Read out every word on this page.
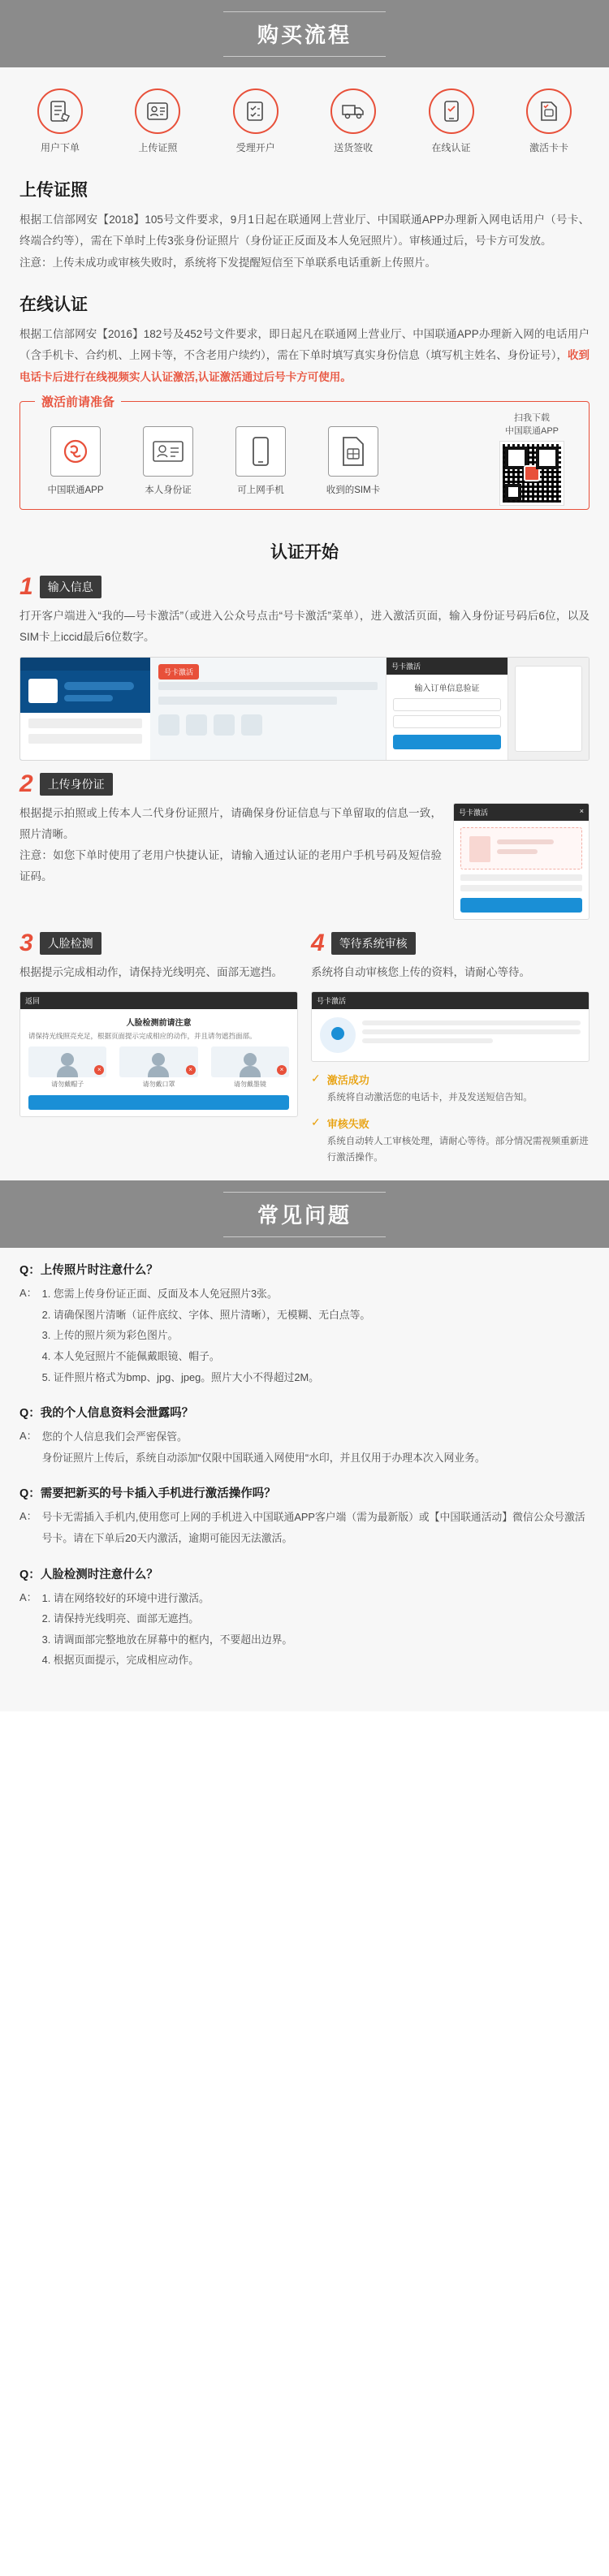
购买流程
用户下单	上传证照	受理开户	送货签收	在线认证	激活卡卡
上传证照

根据工信部网安【2018】105号文件要求，9月1日起在联通网上营业厅、中国联通APP办理新入网电话用户（号卡、终端合约等），需在下单时上传3张身份证照片（身份证正反面及本人免冠照片）。审核通过后，号卡方可发放。

注意：上传未成功或审核失败时，系统将下发提醒短信至下单联系电话重新上传照片。

在线认证

根据工信部网安【2016】182号及452号文件要求，即日起凡在联通网上营业厅、中国联通APP办理新入网的电话用户（含手机卡、合约机、上网卡等，不含老用户续约），需在下单时填写真实身份信息（填写机主姓名、身份证号），收到电话卡后进行在线视频实人认证激活,认证激活通过后号卡方可使用。

激活前请准备
扫我下载
中国联通APP
中国联通APP	本人身份证	可上网手机	收到的SIM卡
认证开始
1	输入信息

打开客户端进入“我的—号卡激活”（或进入公众号点击“号卡激活”菜单），进入激活页面，输入身份证号码后6位，以及SIM卡上iccid最后6位数字。

号卡激活
号卡激活
输入订单信息验证
2	上传身份证

根据提示拍照或上传本人二代身份证照片，请确保身份证信息与下单留取的信息一致，照片清晰。

注意：如您下单时使用了老用户快捷认证，请输入通过认证的老用户手机号码及短信验证码。

号卡激活	×
3	人脸检测

根据提示完成相动作，请保持光线明亮、面部无遮挡。

返回
人脸检测前请注意
请保持光线照亮充足，根据页面提示完成相应的动作，并且请勿遮挡面部。
×
请勿戴帽子
×
请勿戴口罩
×
请勿戴墨镜
4	等待系统审核

系统将自动审核您上传的资料，请耐心等待。

号卡激活
✓ 激活成功
系统将自动激活您的电话卡，并及发送短信告知。
✓ 审核失败
系统自动转人工审核处理，请耐心等待。部分情况需视频重新进行激活操作。
常见问题
Q：上传照片时注意什么？
A： 1. 您需上传身份证正面、反面及本人免冠照片3张。
2. 请确保图片清晰（证件底纹、字体、照片清晰），无模糊、无白点等。
3. 上传的照片须为彩色图片。
4. 本人免冠照片不能佩戴眼镜、帽子。
5. 证件照片格式为bmp、jpg、jpeg。照片大小不得超过2M。
Q：我的个人信息资料会泄露吗？
A： 您的个人信息我们会严密保管。
身份证照片上传后，系统自动添加“仅限中国联通入网使用“水印，并且仅用于办理本次入网业务。
Q：需要把新买的号卡插入手机进行激活操作吗？
A： 号卡无需插入手机内,使用您可上网的手机进入中国联通APP客户端（需为最新版）或【中国联通活动】微信公众号激活号卡。请在下单后20天内激活，逾期可能因无法激活。
Q：人脸检测时注意什么？
A： 1. 请在网络较好的环境中进行激活。
2. 请保持光线明亮、面部无遮挡。
3. 请调面部完整地放在屏幕中的框内，不要超出边界。
4. 根据页面提示，完成相应动作。
